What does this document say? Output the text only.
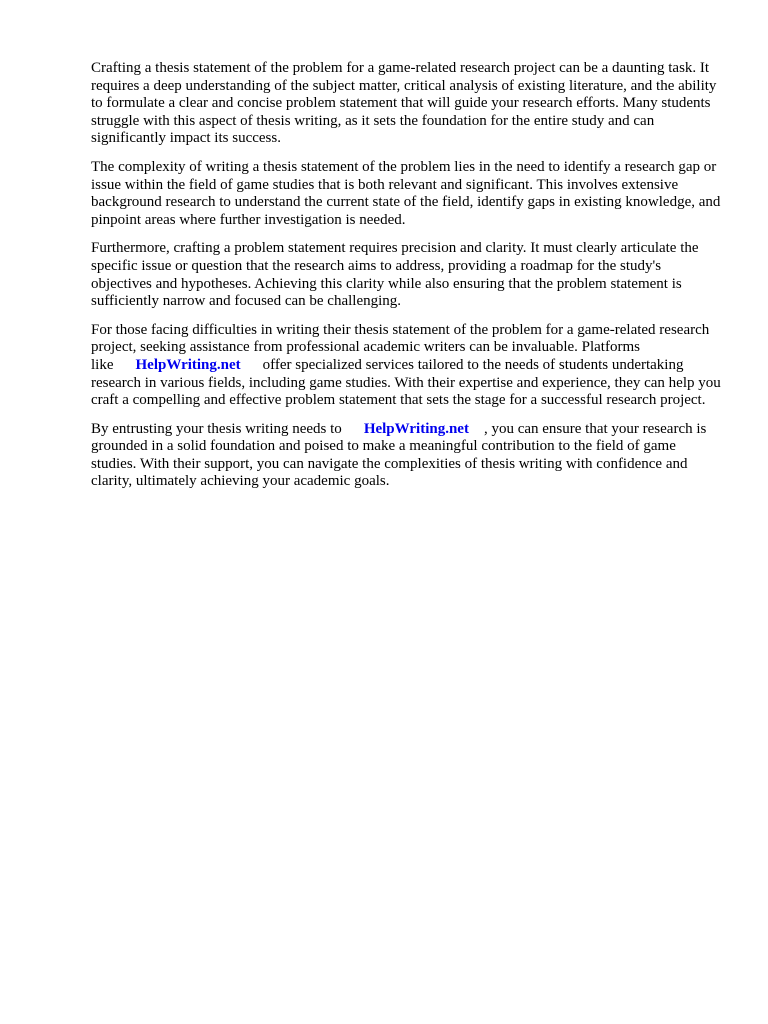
Crafting a thesis statement of the problem for a game-related research project can be a daunting task. It requires a deep understanding of the subject matter, critical analysis of existing literature, and the ability to formulate a clear and concise problem statement that will guide your research efforts. Many students struggle with this aspect of thesis writing, as it sets the foundation for the entire study and can significantly impact its success.

The complexity of writing a thesis statement of the problem lies in the need to identify a research gap or issue within the field of game studies that is both relevant and significant. This involves extensive background research to understand the current state of the field, identify gaps in existing knowledge, and pinpoint areas where further investigation is needed.

Furthermore, crafting a problem statement requires precision and clarity. It must clearly articulate the specific issue or question that the research aims to address, providing a roadmap for the study's objectives and hypotheses. Achieving this clarity while also ensuring that the problem statement is sufficiently narrow and focused can be challenging.

For those facing difficulties in writing their thesis statement of the problem for a game-related research project, seeking assistance from professional academic writers can be invaluable. Platforms like HelpWriting.net offer specialized services tailored to the needs of students undertaking research in various fields, including game studies. With their expertise and experience, they can help you craft a compelling and effective problem statement that sets the stage for a successful research project.

By entrusting your thesis writing needs to HelpWriting.net , you can ensure that your research is grounded in a solid foundation and poised to make a meaningful contribution to the field of game studies. With their support, you can navigate the complexities of thesis writing with confidence and clarity, ultimately achieving your academic goals.
